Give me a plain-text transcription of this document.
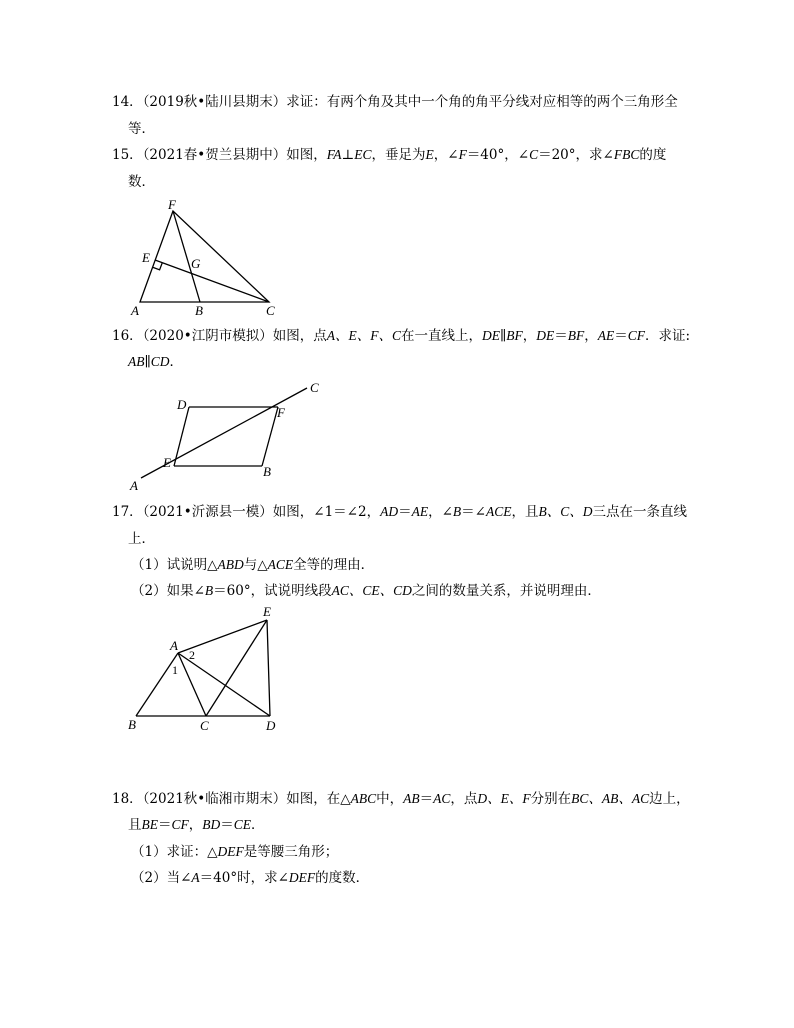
14．（2019秋•陆川县期末）求证：有两个角及其中一个角的角平分线对应相等的两个三角形全
等．
15．（2021春•贺兰县期中）如图，FA⊥EC，垂足为E，∠F＝40°，∠C＝20°，求∠FBC的度
数．
F
E	G
A	B	C
16．（2020•江阴市模拟）如图，点A、E、F、C在一直线上，DE∥BF，DE＝BF，AE＝CF．求证:
AB∥CD．
D
C
F
E
B
A
17．（2021•沂源县一模）如图，∠1＝∠2，AD＝AE，∠B＝∠ACE，且B、C、D三点在一条直线
上．
（1）试说明△ABD与△ACE全等的理由．
（2）如果∠B＝60°，试说明线段AC、CE、CD之间的数量关系，并说明理由．
E
A
1
2
B	C	D
18．（2021秋•临湘市期末）如图，在△ABC中，AB＝AC，点D、E、F分别在BC、AB、AC边上，
且BE＝CF，BD＝CE．
（1）求证：△DEF是等腰三角形；
（2）当∠A＝40°时，求∠DEF的度数．
